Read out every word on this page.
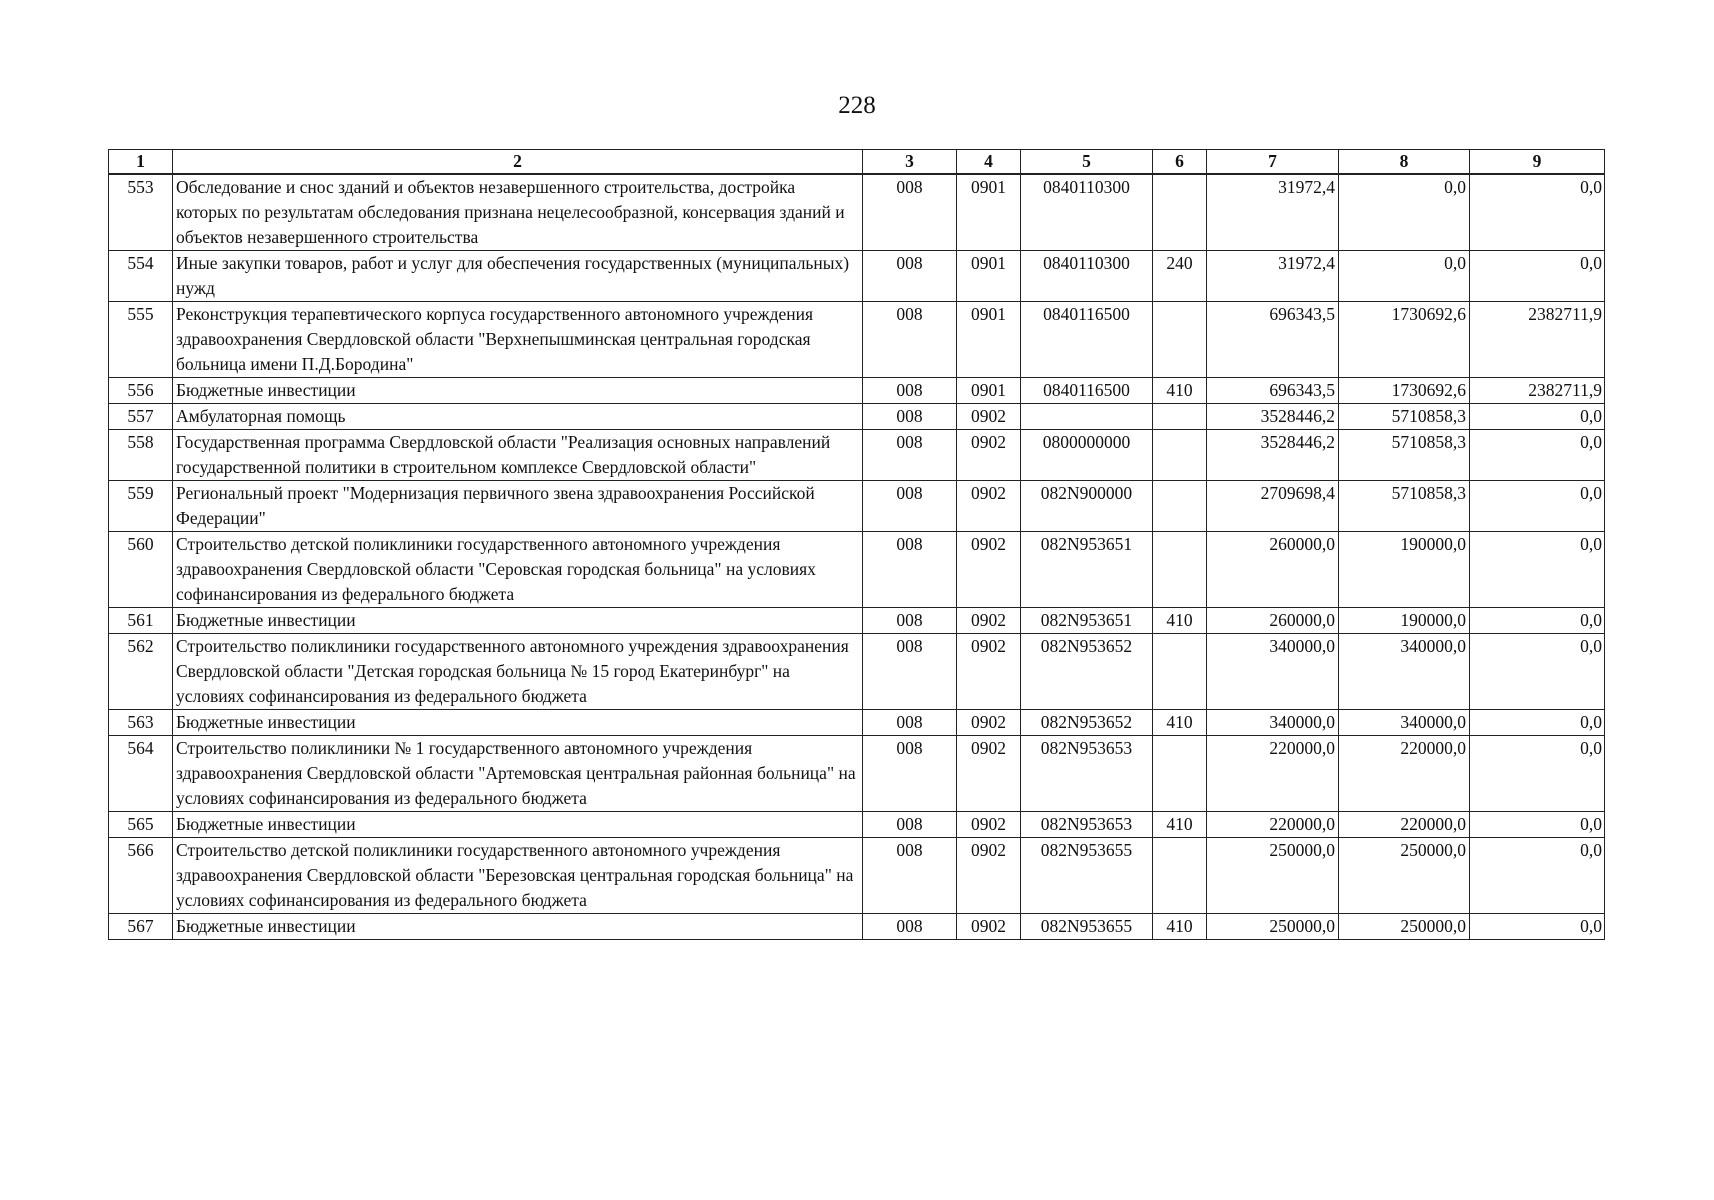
228
1	2	3	4	5	6	7	8	9
553	Обследование и снос зданий и объектов незавершенного строительства, достройка которых по результатам обследования признана нецелесообразной, консервация зданий и объектов незавершенного строительства	008	0901	0840110300		31972,4	0,0	0,0
554	Иные закупки товаров, работ и услуг для обеспечения государственных (муниципальных) нужд	008	0901	0840110300	240	31972,4	0,0	0,0
555	Реконструкция терапевтического корпуса государственного автономного учреждения здравоохранения Свердловской области "Верхнепышминская центральная городская больница имени П.Д.Бородина"	008	0901	0840116500		696343,5	1730692,6	2382711,9
556	Бюджетные инвестиции	008	0901	0840116500	410	696343,5	1730692,6	2382711,9
557	Амбулаторная помощь	008	0902			3528446,2	5710858,3	0,0
558	Государственная программа Свердловской области "Реализация основных направлений государственной политики в строительном комплексе Свердловской области"	008	0902	0800000000		3528446,2	5710858,3	0,0
559	Региональный проект "Модернизация первичного звена здравоохранения Российской Федерации"	008	0902	082N900000		2709698,4	5710858,3	0,0
560	Строительство детской поликлиники государственного автономного учреждения здравоохранения Свердловской области "Серовская городская больница" на условиях софинансирования из федерального бюджета	008	0902	082N953651		260000,0	190000,0	0,0
561	Бюджетные инвестиции	008	0902	082N953651	410	260000,0	190000,0	0,0
562	Строительство поликлиники государственного автономного учреждения здравоохранения Свердловской области "Детская городская больница № 15 город Екатеринбург" на условиях софинансирования из федерального бюджета	008	0902	082N953652		340000,0	340000,0	0,0
563	Бюджетные инвестиции	008	0902	082N953652	410	340000,0	340000,0	0,0
564	Строительство поликлиники № 1 государственного автономного учреждения здравоохранения Свердловской области "Артемовская центральная районная больница" на условиях софинансирования из федерального бюджета	008	0902	082N953653		220000,0	220000,0	0,0
565	Бюджетные инвестиции	008	0902	082N953653	410	220000,0	220000,0	0,0
566	Строительство детской поликлиники государственного автономного учреждения здравоохранения Свердловской области "Березовская центральная городская больница" на условиях софинансирования из федерального бюджета	008	0902	082N953655		250000,0	250000,0	0,0
567	Бюджетные инвестиции	008	0902	082N953655	410	250000,0	250000,0	0,0
